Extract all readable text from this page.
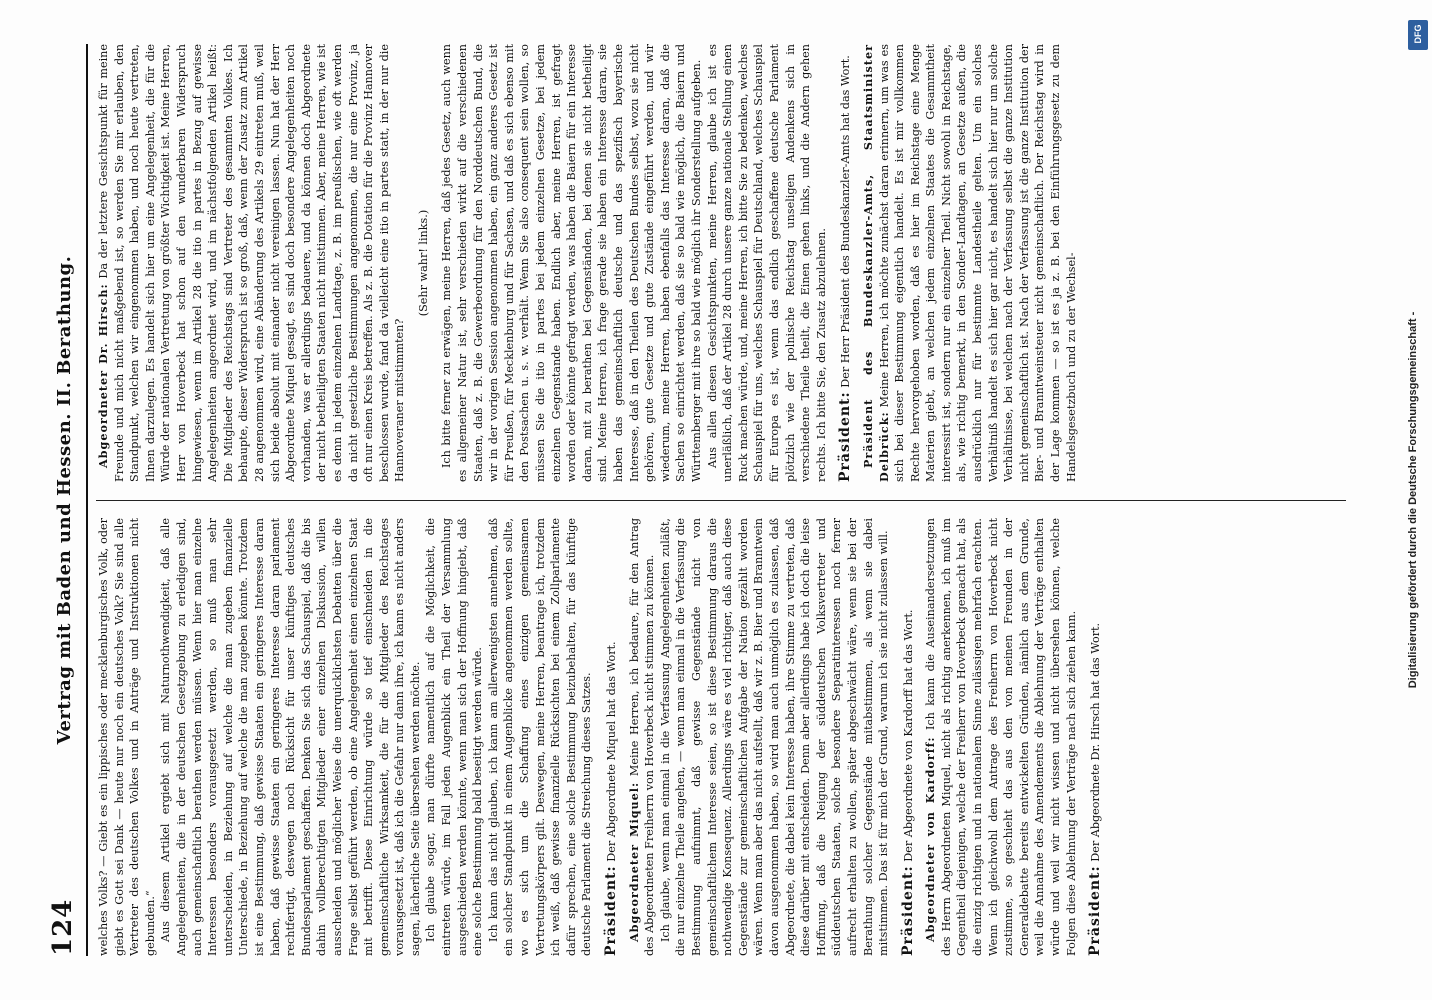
124
Vertrag mit Baden und Hessen. II. Berathung. welches Volks? — Giebt es ein lippisches oder mecklenburgisches Volk, oder giebt es Gott sei Dank — heute nur noch ein deutsches Volk? Sie sind alle Vertreter des deutschen Volkes und in Anträge und Instruktionen nicht gebunden.“ Aus diesem Artikel ergiebt sich mit Naturnothwendigkeit, daß alle Angelegenheiten, die in der deutschen Gesetzgebung zu erledigen sind, auch gemeinschaftlich berathen werden müssen. Wenn hier man einzelne Interessen besonders vorausgesetzt werden, so muß man sehr unterscheiden, in Beziehung auf welche die man zugeben finanzielle Unterschiede, in Beziehung auf welche die man zugeben könnte. Trotzdem ist eine Bestimmung, daß gewisse Staaten ein geringeres Interesse daran haben, daß gewisse Staaten ein geringeres Interesse daran parlament rechtfertigt, deswegen noch Rücksicht für unser künftiges deutsches Bundesparlament geschaffen. Denken Sie sich das Schauspiel, daß die bis dahin vollberechtigten Mitglieder einer einzelnen Diskussion, willen ausscheiden und möglicher Weise die unerquicklichsten Debatten über die Frage selbst geführt werden, ob eine Angelegenheit einen einzelnen Staat mit betrifft. Diese Einrichtung würde so tief einschneiden in die gemeinschaftliche Wirksamkeit, die für die Mitglieder des Reichstages vorausgesetzt ist, daß ich die Gefahr nur dann ihre, ich kann es nicht anders sagen, lächerliche Seite übersehen werden möchte. Ich glaube sogar, man dürfte namentlich auf die Möglichkeit, die eintreten würde, im Fall jeden Augenblick ein Theil der Versammlung ausgeschieden werden könnte, wenn man sich der Hoffnung hingiebt, daß eine solche Bestimmung bald beseitigt werden würde. Ich kann das nicht glauben, ich kann am allerwenigsten annehmen, daß ein solcher Standpunkt in einem Augenblicke angenommen werden sollte, wo es sich um die Schaffung eines einzigen gemeinsamen Vertretungskörpers gilt. Deswegen, meine Herren, beantrage ich, trotzdem ich weiß, daß gewisse finanzielle Rücksichten bei einem Zollparlamente dafür sprechen, eine solche Bestimmung beizubehalten, für das künftige deutsche Parlament die Streichung dieses Satzes. Präsident: Der Abgeordnete Miquel hat das Wort.

Abgeordneter Miquel: Meine Herren, ich bedaure, für den Antrag des Abgeordneten Freiherrn von Hoverbeck nicht stimmen zu können. Ich glaube, wenn man einmal in die Verfassung Angelegenheiten zuläßt, die nur einzelne Theile angehen, — wenn man einmal in die Verfassung die Bestimmung aufnimmt, daß gewisse Gegenstände nicht von gemeinschaftlichem Interesse seien, so ist diese Bestimmung daraus die nothwendige Konsequenz. Allerdings wäre es viel richtiger, daß auch diese Gegenstände zur gemeinschaftlichen Aufgabe der Nation gezählt worden wären. Wenn man aber das nicht aufstellt, daß wir z. B. Bier und Branntwein davon ausgenommen haben, so wird man auch unmöglich es zulassen, daß Abgeordnete, die dabei kein Interesse haben, ihre Stimme zu vertreten, daß diese darüber mit entscheiden. Denn aber allerdings habe ich doch die leise Hoffnung, daß die Neigung der süddeutschen Volksvertreter und süddeutschen Staaten, solche besondere Separatinteressen noch ferner aufrecht erhalten zu wollen, später abgeschwächt wäre, wenn sie bei der Berathung solcher Gegenstände mitabstimmen, als wenn sie dabei mitstimmen. Das ist für mich der Grund, warum ich sie nicht zulassen will. Präsident: Der Abgeordnete von Kardorff hat das Wort. Abgeordneter von Kardorff: Ich kann die Auseinandersetzungen des Herrn Abgeordneten Miquel, nicht als richtig anerkennen, ich muß im Gegentheil diejenigen, welche der Freiherr von Hoverbeck gemacht hat, als die einzig richtigen und in nationalem Sinne zulässigen mehrfach erachten. Wenn ich gleichwohl dem Antrage des Freiherrn von Hoverbeck nicht zustimme, so geschieht das aus den von meinen Freunden in der Generaldebatte bereits entwickelten Gründen, nämlich aus dem Grunde, weil die Annahme des Amendements die Ablehnung der Verträge enthalten würde und weil wir nicht wissen und nicht übersehen können, welche Folgen diese Ablehnung der Verträge nach sich ziehen kann. Präsident: Der Abgeordnete Dr. Hirsch hat das Wort.

Abgeordneter Dr. Hirsch: Da der letztere Gesichtspunkt für meine Freunde und mich nicht maßgebend ist, so werden Sie mir erlauben, den Standpunkt, welchen wir eingenommen haben, und noch heute vertreten, Ihnen darzulegen. Es handelt sich hier um eine Angelegenheit, die für die Würde der nationalen Vertretung von größter Wichtigkeit ist. Meine Herren, Herr von Hoverbeck hat schon auf den wunderbaren Widerspruch hingewiesen, wenn im Artikel 28 die itio in partes in Bezug auf gewisse Angelegenheiten angeordnet wird, und im nächstfolgenden Artikel heißt: Die Mitglieder des Reichstags sind Vertreter des gesammten Volkes. Ich behaupte, dieser Widerspruch ist so groß, daß, wenn der Zusatz zum Artikel 28 angenommen wird, eine Abänderung des Artikels 29 eintreten muß, weil sich beide absolut mit einander nicht vereinigen lassen. Nun hat der Herr Abgeordnete Miquel gesagt, es sind doch besondere Angelegenheiten noch vorhanden, was er allerdings bedauere, und da können doch Abgeordnete der nicht betheiligten Staaten nicht mitstimmen. Aber, meine Herren, wie ist es denn in jedem einzelnen Landtage, z. B. im preußischen, wie oft werden da nicht gesetzliche Bestimmungen angenommen, die nur eine Provinz, ja oft nur einen Kreis betreffen. Als z. B. die Dotation für die Provinz Hannover beschlossen wurde, fand da vielleicht eine itio in partes statt, in der nur die Hannoveraner mitstimmten?

(Sehr wahr! links.) Ich bitte ferner zu erwägen, meine Herren, daß jedes Gesetz, auch wenn es allgemeiner Natur ist, sehr verschieden wirkt auf die verschiedenen Staaten, daß z. B. die Gewerbeordnung für den Norddeutschen Bund, die wir in der vorigen Session angenommen haben, ein ganz anderes Gesetz ist für Preußen, für Mecklenburg und für Sachsen, und daß es sich ebenso mit den Postsachen u. s. w. verhält. Wenn Sie also consequent sein wollen, so müssen Sie die itio in partes bei jedem einzelnen Gesetze, bei jedem einzelnen Gegenstande haben. Endlich aber, meine Herren, ist gefragt worden oder könnte gefragt werden, was haben die Baiern für ein Interesse daran, mit zu berathen bei Gegenständen, bei denen sie nicht betheiligt sind. Meine Herren, ich frage gerade sie haben ein Interesse daran, sie haben das gemeinschaftlich deutsche und das spezifisch bayerische Interesse, daß in den Theilen des Deutschen Bundes selbst, wozu sie nicht gehören, gute Gesetze und gute Zustände eingeführt werden, und wir wiederum, meine Herren, haben ebenfalls das Interesse daran, daß die Sachen so einrichtet werden, daß sie so bald wie möglich, die Baiern und Württemberger mit ihre so bald wie möglich ihr Sonderstellung aufgeben. Aus allen diesen Gesichtspunkten, meine Herren, glaube ich ist es unerläßlich, daß der Artikel 28 durch unsere ganze nationale Stellung einen Ruck machen würde, und, meine Herren, ich bitte Sie zu bedenken, welches Schauspiel für uns, welches Schauspiel für Deutschland, welches Schauspiel für Europa es ist, wenn das endlich geschaffene deutsche Parlament plötzlich wie der polnische Reichstag unseligen Andenkens sich in verschiedene Theile theilt, die Einen gehen links, und die Andern gehen rechts. Ich bitte Sie, den Zusatz abzulehnen. Präsident: Der Herr Präsident des Bundeskanzler-Amts hat das Wort. Präsident des Bundeskanzler-Amts, Staatsminister Delbrück: Meine Herren, ich möchte zunächst daran erinnern, um was es sich bei dieser Bestimmung eigentlich handelt. Es ist mir vollkommen Rechte hervorgehoben worden, daß es hier im Reichstage eine Menge Materien giebt, an welchen jedem einzelnen Staates die Gesammtheit interessirt ist, sondern nur ein einzelner Theil. Nicht sowohl in Reichstage, als, wie richtig bemerkt, in den Sonder-Landtagen, an Gesetze außen, die ausdrücklich nur für bestimmte Landestheile gelten. Um ein solches Verhältniß handelt es sich hier gar nicht, es handelt sich hier nur um solche Verhältnisse, bei welchen nach der Verfassung selbst die ganze Institution nicht gemeinschaftlich ist. Nach der Verfassung ist die ganze Institution der Bier- und Branntweinsteuer nicht gemeinschaftlich. Der Reichstag wird in der Lage kommen — so ist es ja z. B. bei den Einführungsgesetz zu dem Handelsgesetzbuch und zu der Wechsel-	Digitalisierung gefördert durch die Deutsche Forschungsgemeinschaft -
DFG
